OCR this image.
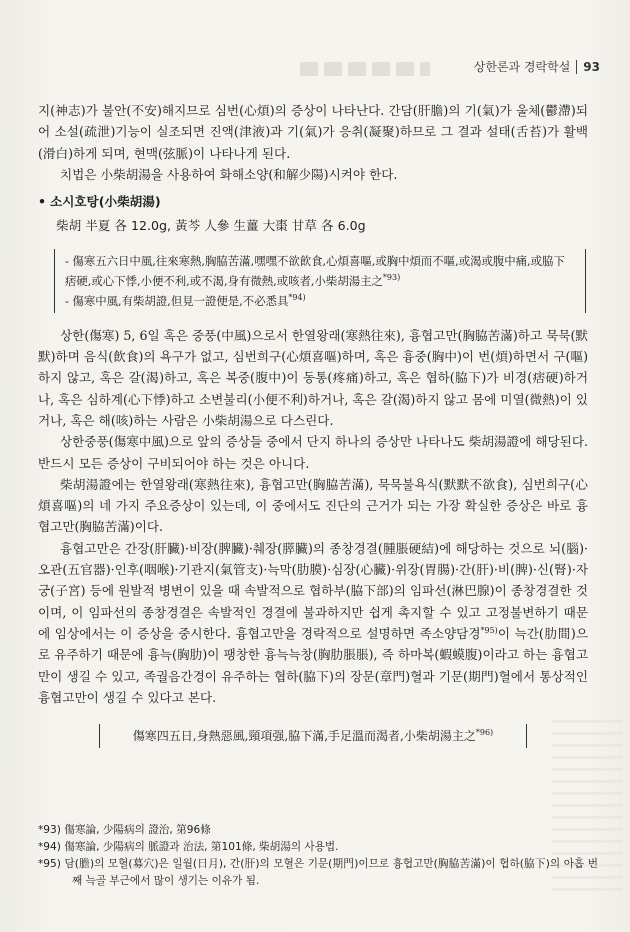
상한론과 경락학설 93

지(神志)가 불안(不安)해지므로 심번(心煩)의 증상이 나타난다. 간담(肝膽)의 기(氣)가 울체(鬱滯)되어 소설(疏泄)기능이 실조되면 진액(津液)과 기(氣)가 응취(凝聚)하므로 그 결과 설태(舌苔)가 활백(滑白)하게 되며, 현맥(弦脈)이 나타나게 된다.

치법은 小柴胡湯을 사용하여 화해소양(和解少陽)시켜야 한다.

• 소시호탕(小柴胡湯)
柴胡 半夏 各 12.0g, 黃芩 人參 生薑 大棗 甘草 各 6.0g
- 傷寒五六日中風,往來寒熱,胸脇苦滿,嘿嘿不欲飮食,心煩喜嘔,或胸中煩而不嘔,或渴或腹中痛,或脇下痞硬,或心下悸,小便不利,或不渴,身有微熱,或咳者,小柴胡湯主之$^{*93)}$
- 傷寒中風,有柴胡證,但見一證便是,不必悉具$^{*94)}$

상한(傷寒) 5, 6일 혹은 중풍(中風)으로서 한열왕래(寒熱往來), 흉협고만(胸脇苦滿)하고 묵묵(默默)하며 음식(飮食)의 욕구가 없고, 심번희구(心煩喜嘔)하며, 혹은 흉중(胸中)이 번(煩)하면서 구(嘔)하지 않고, 혹은 갈(渴)하고, 혹은 복중(腹中)이 동통(疼痛)하고, 혹은 협하(脇下)가 비경(痞硬)하거나, 혹은 심하계(心下悸)하고 소변불리(小便不利)하거나, 혹은 갈(渴)하지 않고 몸에 미열(微熱)이 있거나, 혹은 해(咳)하는 사람은 小柴胡湯으로 다스린다.

상한중풍(傷寒中風)으로 앞의 증상들 중에서 단지 하나의 증상만 나타나도 柴胡湯證에 해당된다. 반드시 모든 증상이 구비되어야 하는 것은 아니다.

柴胡湯證에는 한열왕래(寒熱往來), 흉협고만(胸脇苦滿), 묵묵불욕식(默默不欲食), 심번희구(心煩喜嘔)의 네 가지 주요증상이 있는데, 이 중에서도 진단의 근거가 되는 가장 확실한 증상은 바로 흉협고만(胸脇苦滿)이다.

흉협고만은 간장(肝臟)·비장(脾臟)·췌장(膵臟)의 종창경결(腫脹硬結)에 해당하는 것으로 뇌(腦)·오관(五官器)·인후(咽喉)·기관지(氣管支)·늑막(肋膜)·심장(心臟)·위장(胃腸)·간(肝)·비(脾)·신(腎)·자궁(子宮) 등에 원발적 병변이 있을 때 속발적으로 협하부(脇下部)의 임파선(淋巴腺)이 종창경결한 것이며, 이 임파선의 종창경결은 속발적인 경결에 불과하지만 쉽게 촉지할 수 있고 고정불변하기 때문에 임상에서는 이 증상을 중시한다. 흉협고만을 경락적으로 설명하면 족소양담경$^{*95)}$이 늑간(肋間)으로 유주하기 때문에 흉늑(胸肋)이 팽창한 흉늑늑창(胸肋脹脹), 즉 하마복(蝦蟆腹)이라고 하는 흉협고만이 생길 수 있고, 족궐음간경이 유주하는 협하(脇下)의 장문(章門)혈과 기문(期門)혈에서 통상적인 흉협고만이 생길 수 있다고 본다.

傷寒四五日,身熱惡風,頸項强,脇下滿,手足溫而渴者,小柴胡湯主之$^{*96)}$

*93) 傷寒論, 少陽病의 證治, 第96條

*94) 傷寒論, 少陽病의 脈證과 治法, 第101條, 柴胡湯의 사용법.

*95) 담(膽)의 모혈(募穴)은 일월(日月), 간(肝)의 모혈은 기문(期門)이므로 흉협고만(胸脇苦滿)이 협하(脇下)의 아홉 번째 늑골 부근에서 많이 생기는 이유가 됨.
